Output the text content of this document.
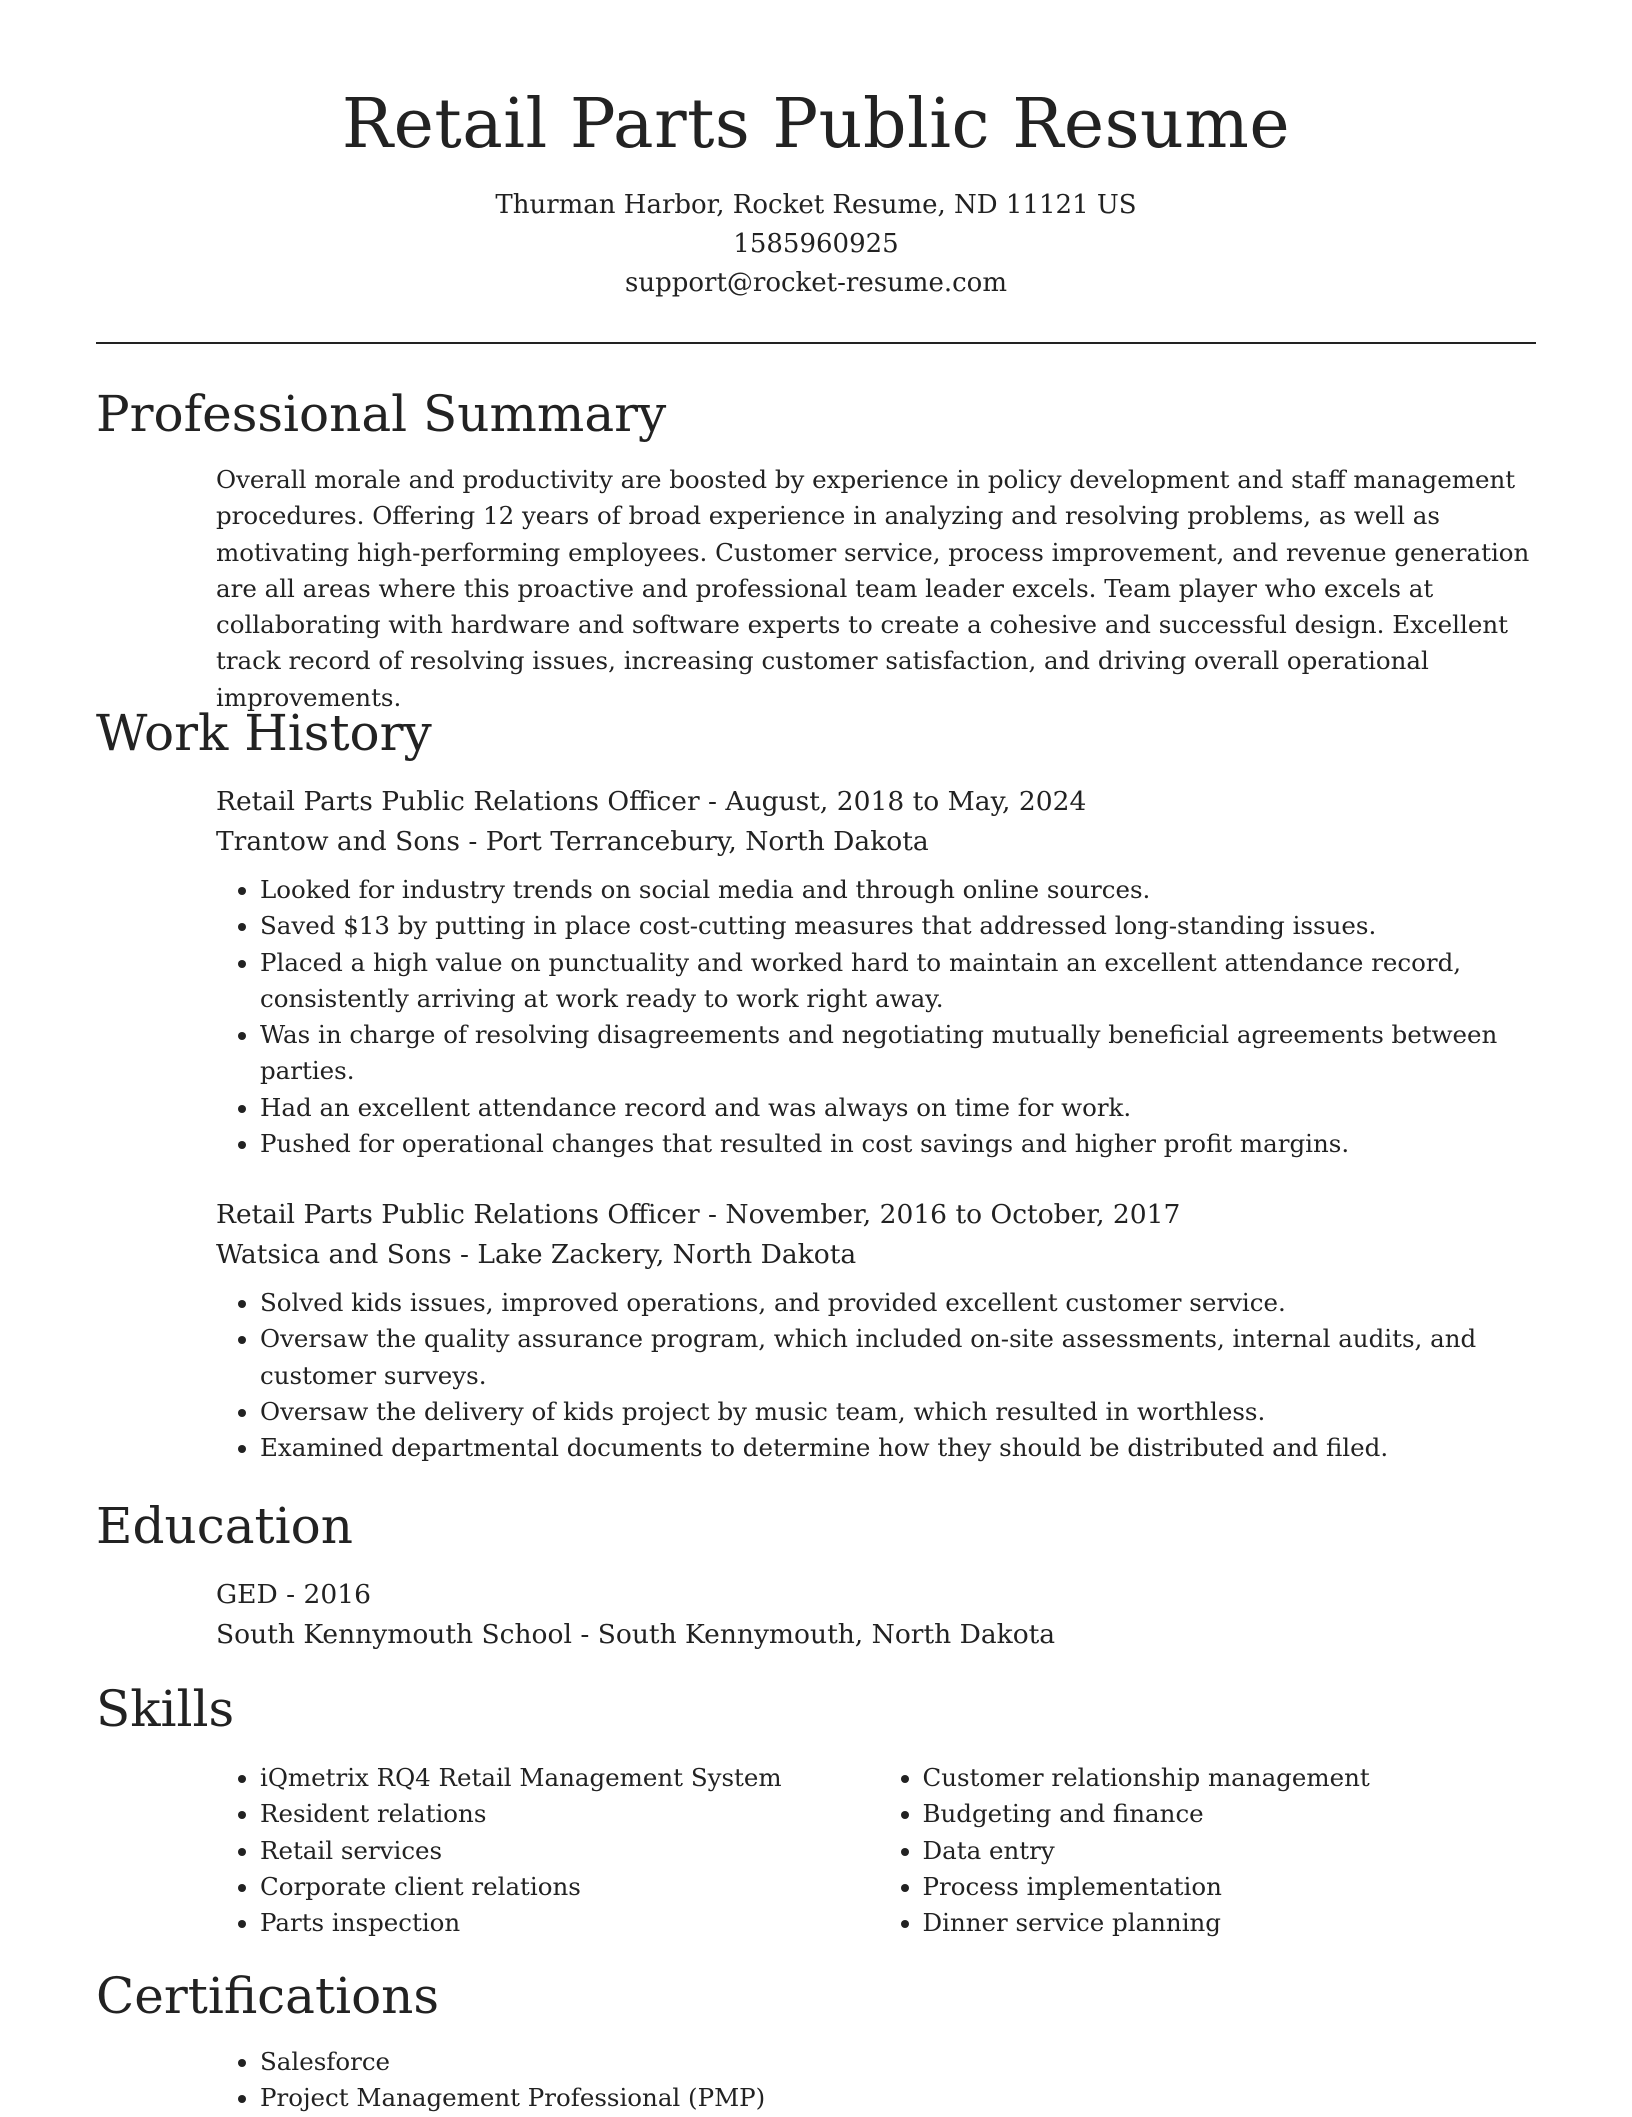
Retail Parts Public Resume
Thurman Harbor, Rocket Resume, ND 11121 US
1585960925
support@rocket-resume.com
Professional Summary

Overall morale and productivity are boosted by experience in policy development and staff management procedures. Offering 12 years of broad experience in analyzing and resolving problems, as well as motivating high-performing employees. Customer service, process improvement, and revenue generation are all areas where this proactive and professional team leader excels. Team player who excels at collaborating with hardware and software experts to create a cohesive and successful design. Excellent track record of resolving issues, increasing customer satisfaction, and driving overall operational improvements.

Work History

Retail Parts Public Relations Officer - August, 2018 to May, 2024

Trantow and Sons - Port Terrancebury, North Dakota

• Looked for industry trends on social media and through online sources.
• Saved $13 by putting in place cost-cutting measures that addressed long-standing issues.
• Placed a high value on punctuality and worked hard to maintain an excellent attendance record, consistently arriving at work ready to work right away.
• Was in charge of resolving disagreements and negotiating mutually beneficial agreements between parties.
• Had an excellent attendance record and was always on time for work.
• Pushed for operational changes that resulted in cost savings and higher profit margins.

Retail Parts Public Relations Officer - November, 2016 to October, 2017

Watsica and Sons - Lake Zackery, North Dakota

• Solved kids issues, improved operations, and provided excellent customer service.
• Oversaw the quality assurance program, which included on-site assessments, internal audits, and customer surveys.
• Oversaw the delivery of kids project by music team, which resulted in worthless.
• Examined departmental documents to determine how they should be distributed and filed.
Education

GED - 2016

South Kennymouth School - South Kennymouth, North Dakota

Skills
• iQmetrix RQ4 Retail Management System
• Resident relations
• Retail services
• Corporate client relations
• Parts inspection
• Customer relationship management
• Budgeting and finance
• Data entry
• Process implementation
• Dinner service planning
Certifications
• Salesforce
• Project Management Professional (PMP)
